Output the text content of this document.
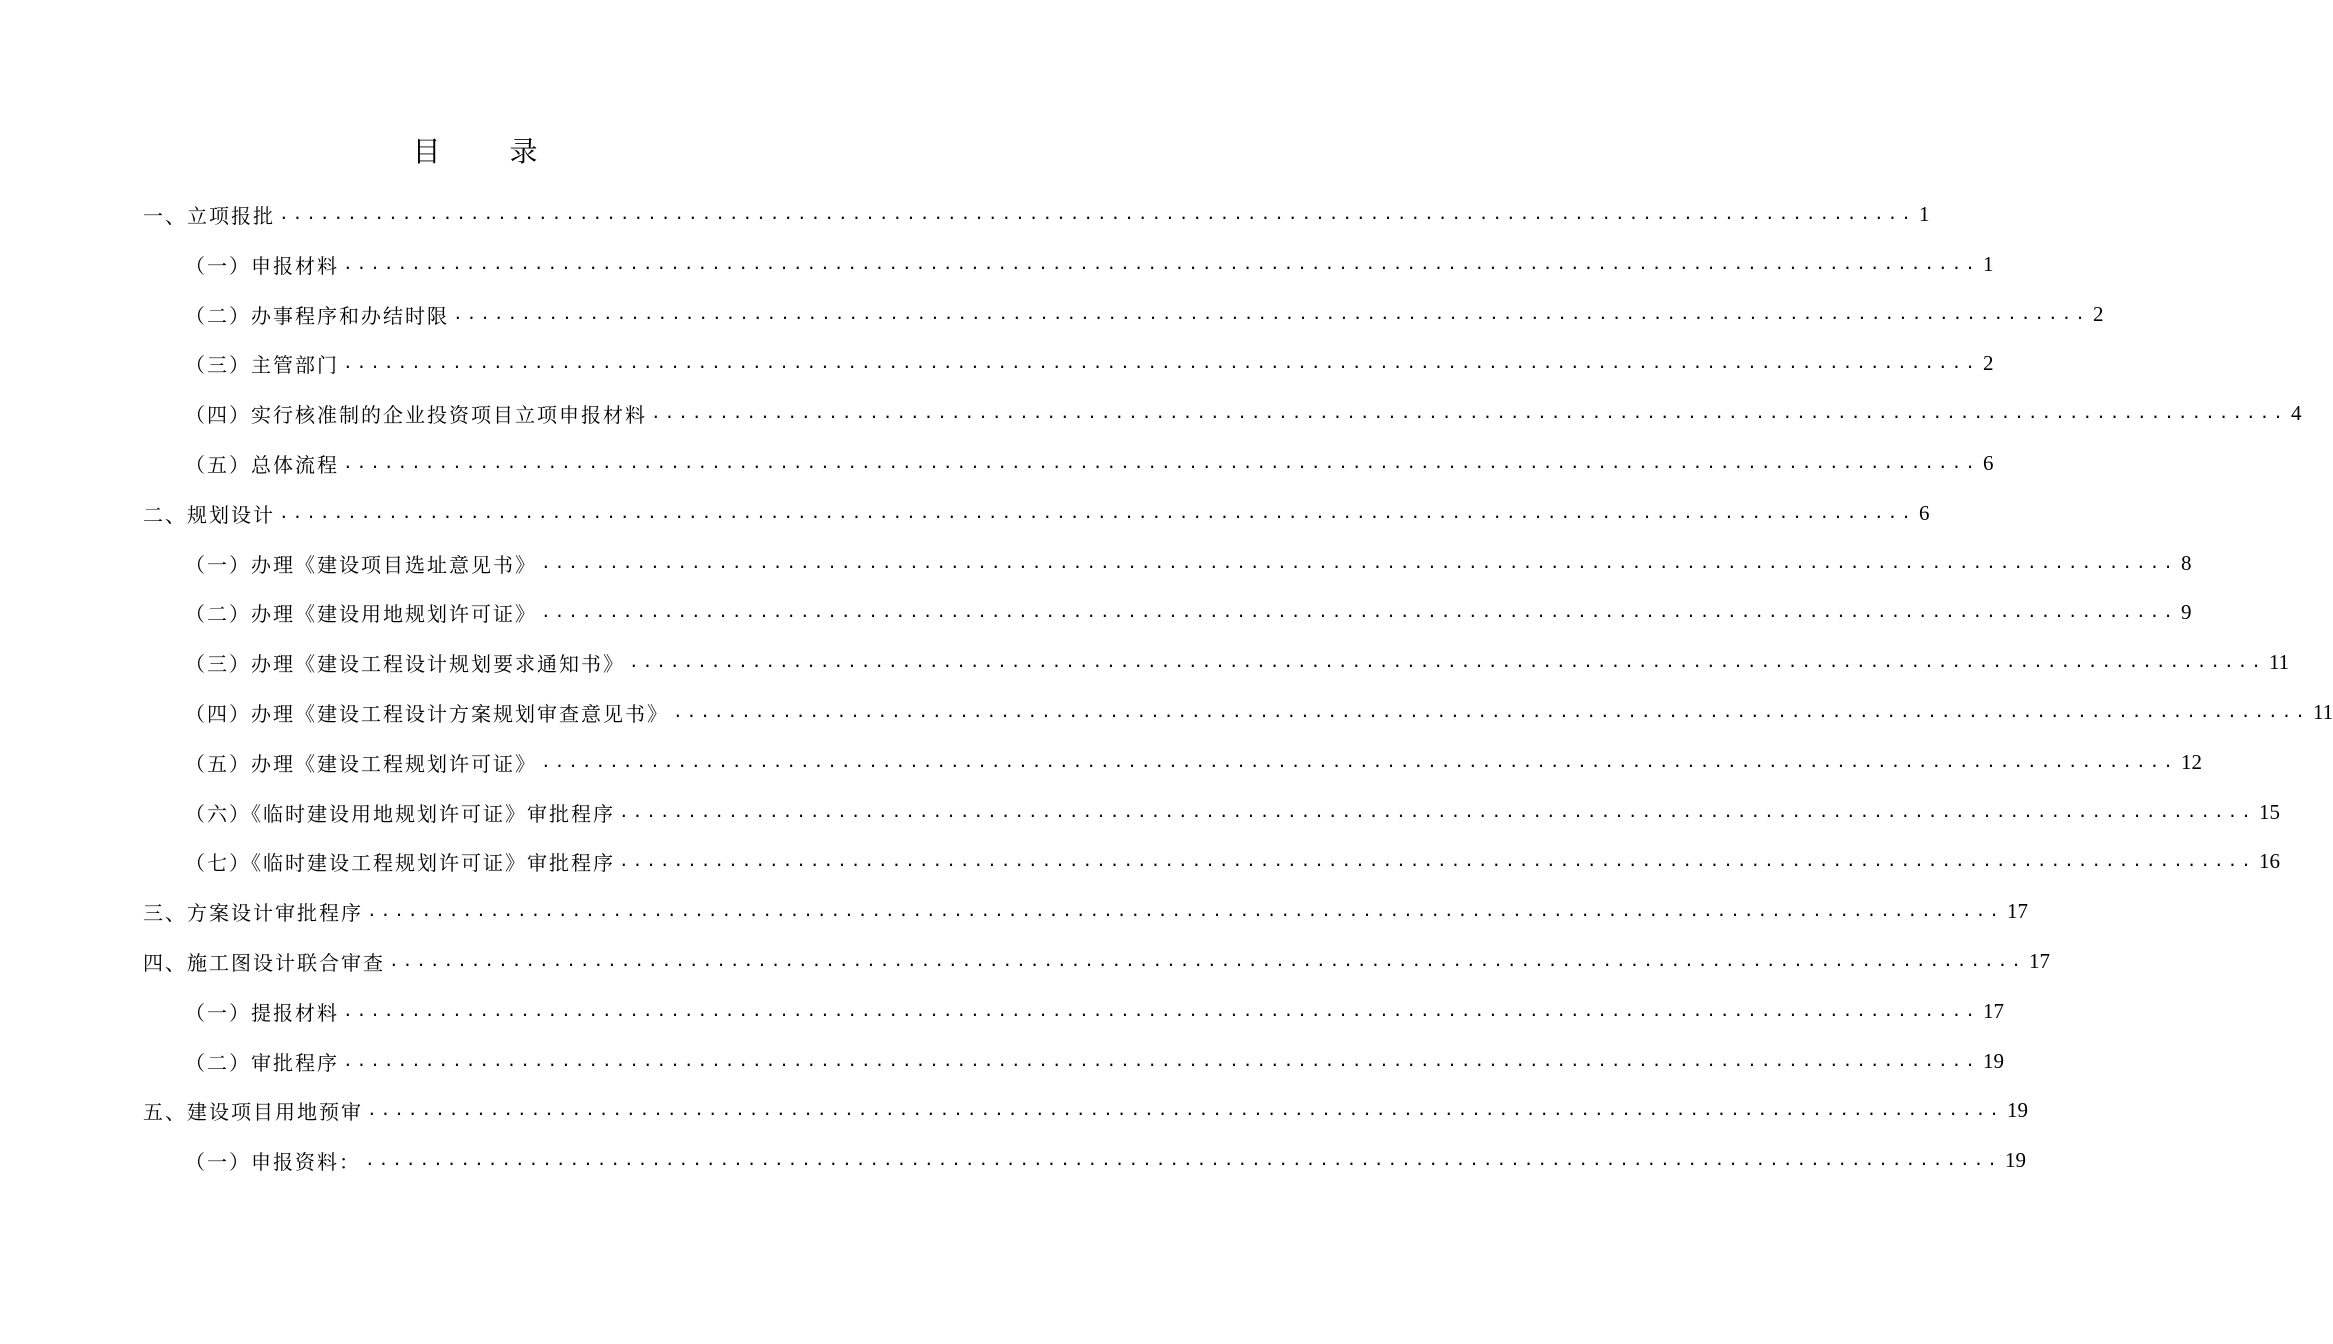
目 录
一、立项报批 ........................................................................................................................ 1
（一）申报材料 ........................................................................................................................ 1
（二）办事程序和办结时限 ........................................................................................................................ 2
（三）主管部门 ........................................................................................................................ 2
（四）实行核准制的企业投资项目立项申报材料 ........................................................................................................................ 4
（五）总体流程 ........................................................................................................................ 6
二、规划设计 ........................................................................................................................ 6
（一）办理《建设项目选址意见书》 ........................................................................................................................ 8
（二）办理《建设用地规划许可证》 ........................................................................................................................ 9
（三）办理《建设工程设计规划要求通知书》 ........................................................................................................................ 11
（四）办理《建设工程设计方案规划审查意见书》 ........................................................................................................................ 11
（五）办理《建设工程规划许可证》 ........................................................................................................................ 12
（六）《临时建设用地规划许可证》审批程序 ........................................................................................................................ 15
（七）《临时建设工程规划许可证》审批程序 ........................................................................................................................ 16
三、方案设计审批程序 ........................................................................................................................ 17
四、施工图设计联合审查 ........................................................................................................................ 17
（一）提报材料 ........................................................................................................................ 17
（二）审批程序 ........................................................................................................................ 19
五、建设项目用地预审 ........................................................................................................................ 19
（一）申报资料： ........................................................................................................................ 19
